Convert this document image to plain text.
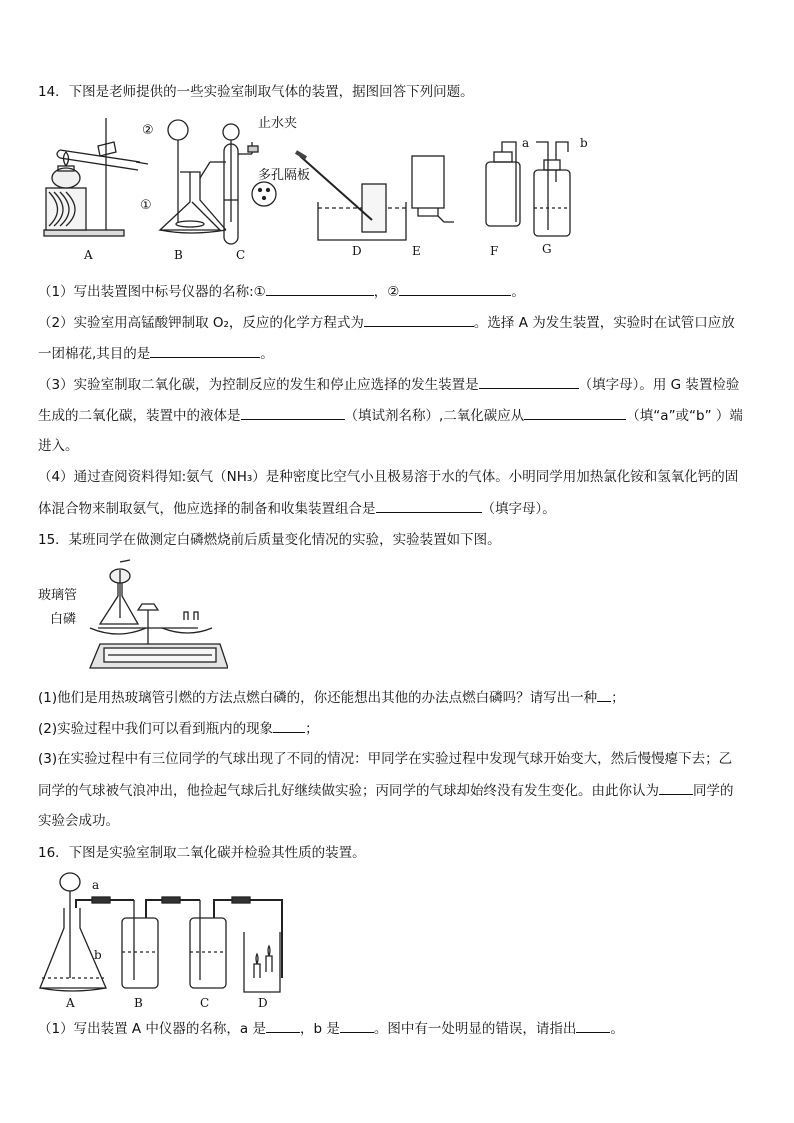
14．下图是老师提供的一些实验室制取气体的装置，据图回答下列问题。
A	B	C	D	E	F	G
①
②	止水夹
多孔隔板
a	b
（1）写出装置图中标号仪器的名称:①	，②	。
（2）实验室用高锰酸钾制取 O₂，反应的化学方程式为	。选择 A 为发生装置，实验时在试管口应放
一团棉花,其目的是	。
（3）实验室制取二氧化碳，为控制反应的发生和停止应选择的发生装置是	（填字母）。用 G 装置检验
生成的二氧化碳，装置中的液体是	（填试剂名称）,二氧化碳应从	（填“a”或“b” ）端
进入。
（4）通过查阅资料得知:氨气（NH₃）是种密度比空气小且极易溶于水的气体。小明同学用加热氯化铵和氢氧化钙的固
体混合物来制取氨气，他应选择的制备和收集装置组合是	（填字母）。
15．某班同学在做测定白磷燃烧前后质量变化情况的实验，实验装置如下图。
玻璃管
白磷
(1)他们是用热玻璃管引燃的方法点燃白磷的，你还能想出其他的办法点燃白磷吗？请写出一种 ；
(2)实验过程中我们可以看到瓶内的现象 ；
(3)在实验过程中有三位同学的气球出现了不同的情况：甲同学在实验过程中发现气球开始变大，然后慢慢瘪下去；乙
同学的气球被气浪冲出，他捡起气球后扎好继续做实验；丙同学的气球却始终没有发生变化。由此你认为	同学的
实验会成功。
16．下图是实验室制取二氧化碳并检验其性质的装置。
a
b
A	B	C	D
（1）写出装置 A 中仪器的名称，a 是	，b 是	。图中有一处明显的错误，请指出	。
